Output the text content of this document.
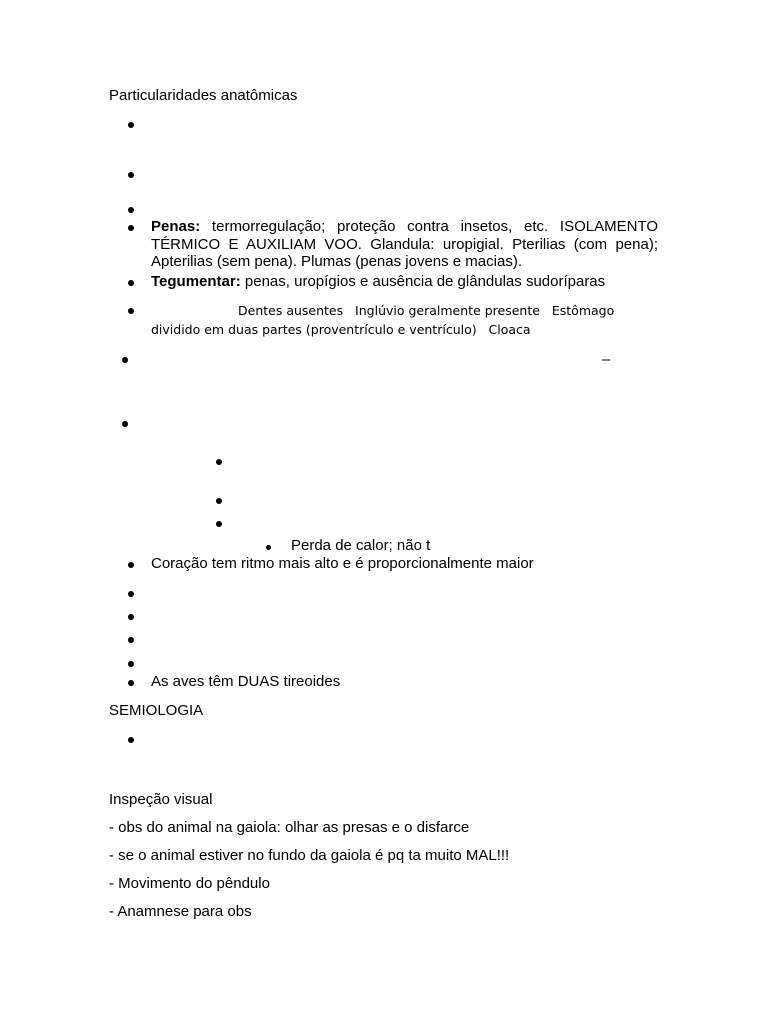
Particularidades anatômicas
Penas: termorregulação; proteção contra insetos, etc. ISOLAMENTO TÉRMICO E AUXILIAM VOO. Glandula: uropigial. Pterilias (com pena); Apterilias (sem pena). Plumas (penas jovens e macias).
Tegumentar: penas, uropígios e ausência de glândulas sudoríparas
Dentes ausentes   Inglúvio geralmente presente   Estômago
dividido em duas partes (proventrículo e ventrículo)   Cloaca
–
Perda de calor; não t
Coração tem ritmo mais alto e é proporcionalmente maior
As aves têm DUAS tireoides
SEMIOLOGIA
Inspeção visual
- obs do animal na gaiola: olhar as presas e o disfarce
- se o animal estiver no fundo da gaiola é pq ta muito MAL!!!
- Movimento do pêndulo
- Anamnese para obs
